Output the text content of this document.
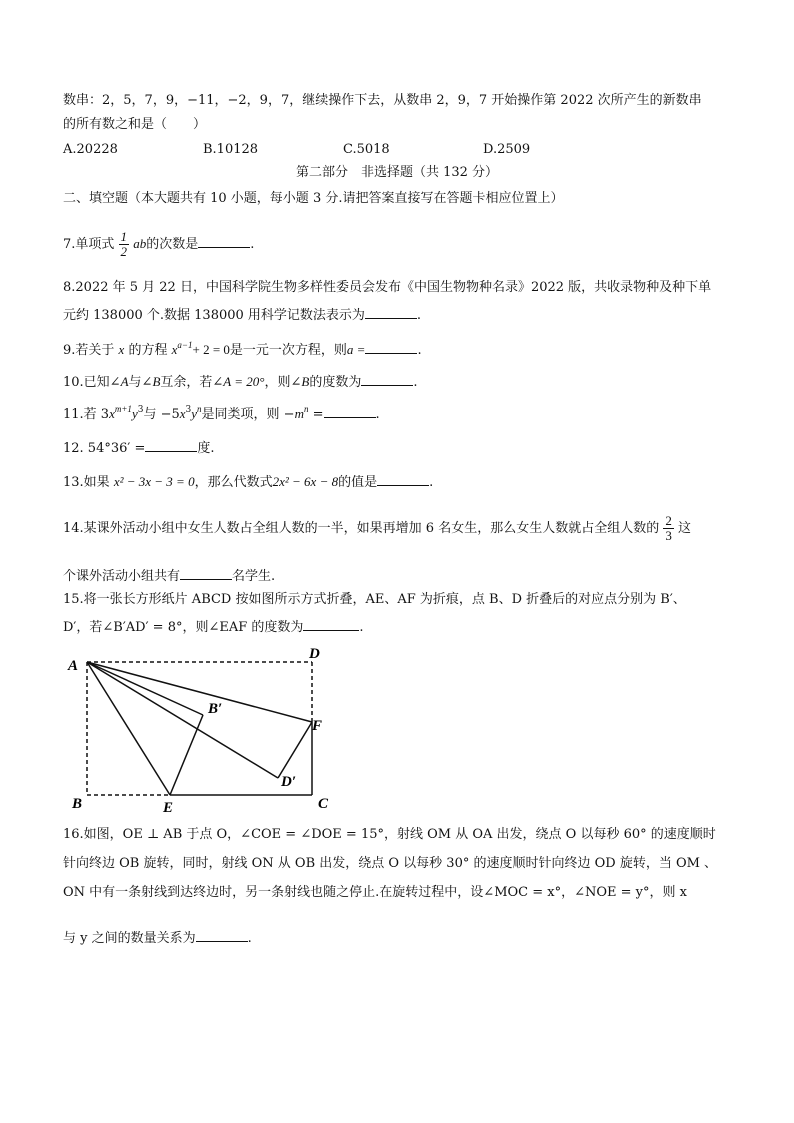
数串：2，5，7，9，−11，−2，9，7，继续操作下去，从数串 2，9，7 开始操作第 2022 次所产生的新数串
的所有数之和是（　　）
A.20228	B.10128	C.5018	D.2509
第二部分　非选择题（共 132 分）
二、填空题（本大题共有 10 小题，每小题 3 分.请把答案直接写在答题卡相应位置上）
7.单项式 $\frac{1}{2}$ ab的次数是	.
8.2022 年 5 月 22 日，中国科学院生物多样性委员会发布《中国生物物种名录》2022 版，共收录物种及种下单
元约 138000 个.数据 138000 用科学记数法表示为	.
9.若关于 x 的方程 $x^{a-1}+ 2 = 0$是一元一次方程，则a =	.
10.已知∠A与∠B互余，若∠A = 20°，则∠B的度数为	.
11.若 $3x^{m+1}y^3$与 $-5x^3y^n$是同类项，则 $-m^n$ =	.
12. 54°36′ =	度.
13.如果 x² − 3x − 3 = 0，那么代数式2x² − 6x − 8的值是	.
14.某课外活动小组中女生人数占全组人数的一半，如果再增加 6 名女生，那么女生人数就占全组人数的 $\frac{2}{3}$ 这
个课外活动小组共有	名学生.
15.将一张长方形纸片 ABCD 按如图所示方式折叠，AE、AF 为折痕，点 B、D 折叠后的对应点分别为 B′、
D′，若∠B′AD′ = 8°，则∠EAF 的度数为	.
A
B	C
D
E
F
B′
D′
16.如图，OE ⊥ AB 于点 O，∠COE = ∠DOE = 15°，射线 OM 从 OA 出发，绕点 O 以每秒 60° 的速度顺时
针向终边 OB 旋转，同时，射线 ON 从 OB 出发，绕点 O 以每秒 30° 的速度顺时针向终边 OD 旋转，当 OM 、
ON 中有一条射线到达终边时，另一条射线也随之停止.在旋转过程中，设∠MOC = x°，∠NOE = y°，则 x
与 y 之间的数量关系为	.
